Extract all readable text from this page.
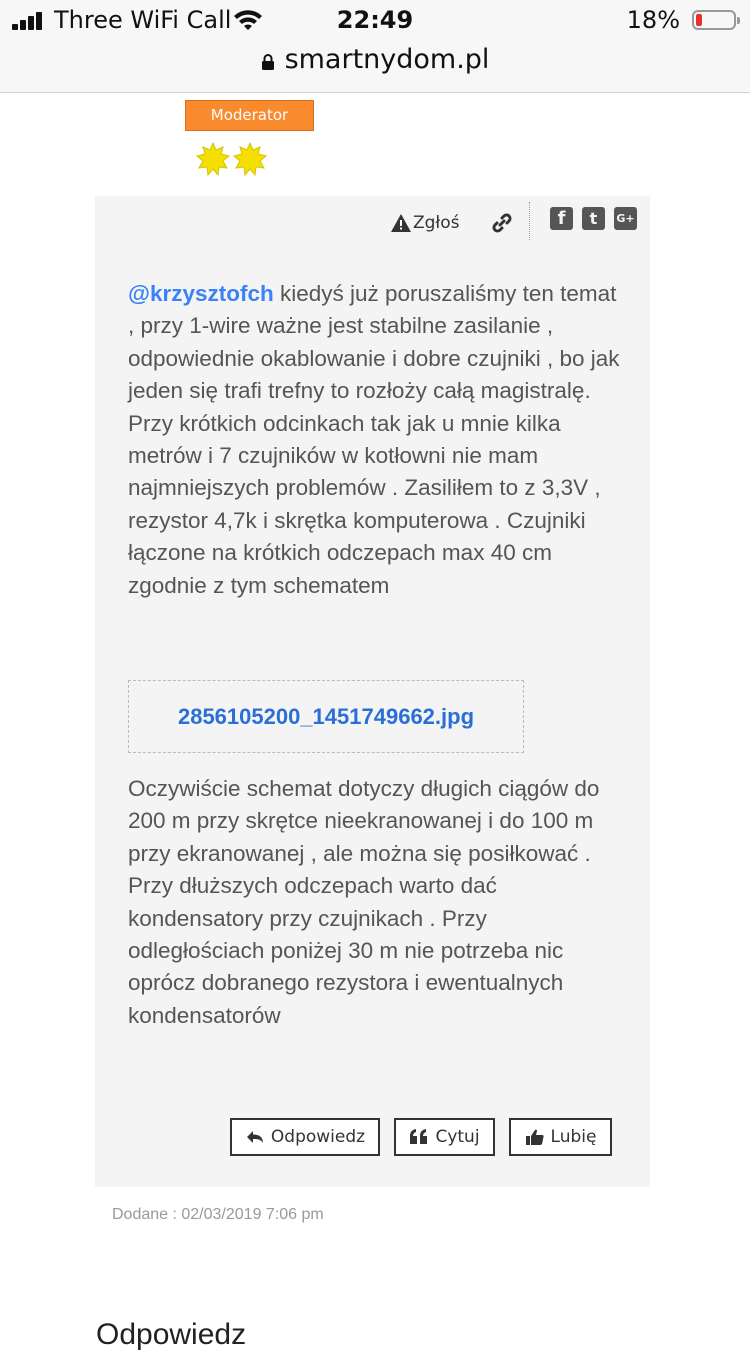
Three WiFi Call	22:49	18%
smartnydom.pl
Moderator
Zgłoś	f	t	G+

@krzysztofch kiedyś już poruszaliśmy ten temat , przy 1-wire ważne jest stabilne zasilanie , odpowiednie okablowanie i dobre czujniki , bo jak jeden się trafi trefny to rozłoży całą magistralę. Przy krótkich odcinkach tak jak u mnie kilka metrów i 7 czujników w kotłowni nie mam najmniejszych problemów . Zasiliłem to z 3,3V , rezystor 4,7k i skrętka komputerowa . Czujniki łączone na krótkich odczepach max 40 cm zgodnie z tym schematem

2856105200_1451749662.jpg

Oczywiście schemat dotyczy długich ciągów do 200 m przy skrętce nieekranowanej i do 100 m przy ekranowanej , ale można się posiłkować . Przy dłuższych odczepach warto dać kondensatory przy czujnikach . Przy odległościach poniżej 30 m nie potrzeba nic oprócz dobranego rezystora i ewentualnych kondensatorów

Odpowiedz	Cytuj	Lubię
Dodane : 02/03/2019 7:06 pm
Odpowiedz
